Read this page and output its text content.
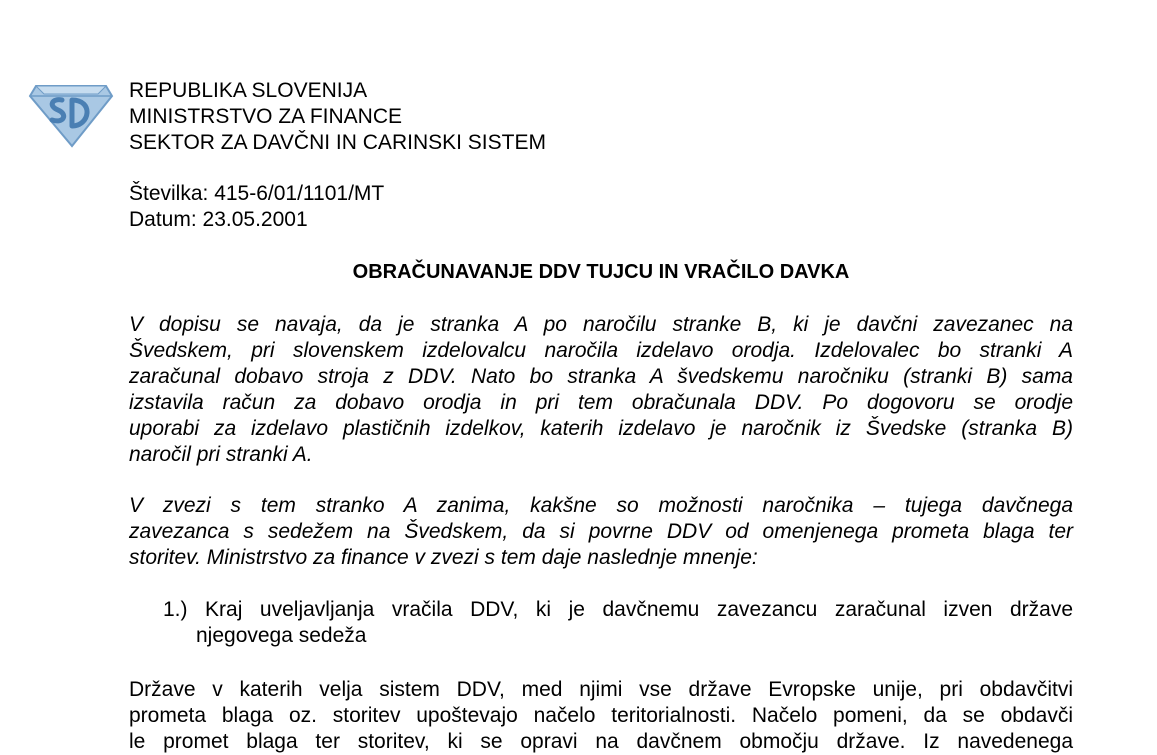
REPUBLIKA SLOVENIJA
MINISTRSTVO ZA FINANCE
SEKTOR ZA DAVČNI IN CARINSKI SISTEM
Številka: 415-6/01/1101/MT
Datum: 23.05.2001
OBRAČUNAVANJE DDV TUJCU IN VRAČILO DAVKA
V dopisu se navaja, da je stranka A po naročilu stranke B, ki je davčni zavezanec na
Švedskem, pri slovenskem izdelovalcu naročila izdelavo orodja. Izdelovalec bo stranki A
zaračunal dobavo stroja z DDV. Nato bo stranka A švedskemu naročniku (stranki B) sama
izstavila račun za dobavo orodja in pri tem obračunala DDV. Po dogovoru se orodje
uporabi za izdelavo plastičnih izdelkov, katerih izdelavo je naročnik iz Švedske (stranka B)
naročil pri stranki A.
V zvezi s tem stranko A zanima, kakšne so možnosti naročnika – tujega davčnega
zavezanca s sedežem na Švedskem, da si povrne DDV od omenjenega prometa blaga ter
storitev. Ministrstvo za finance v zvezi s tem daje naslednje mnenje:
1.) Kraj uveljavljanja vračila DDV, ki je davčnemu zavezancu zaračunal izven države
njegovega sedeža
Države v katerih velja sistem DDV, med njimi vse države Evropske unije, pri obdavčitvi
prometa blaga oz. storitev upoštevajo načelo teritorialnosti. Načelo pomeni, da se obdavči
le promet blaga ter storitev, ki se opravi na davčnem območju države. Iz navedenega
